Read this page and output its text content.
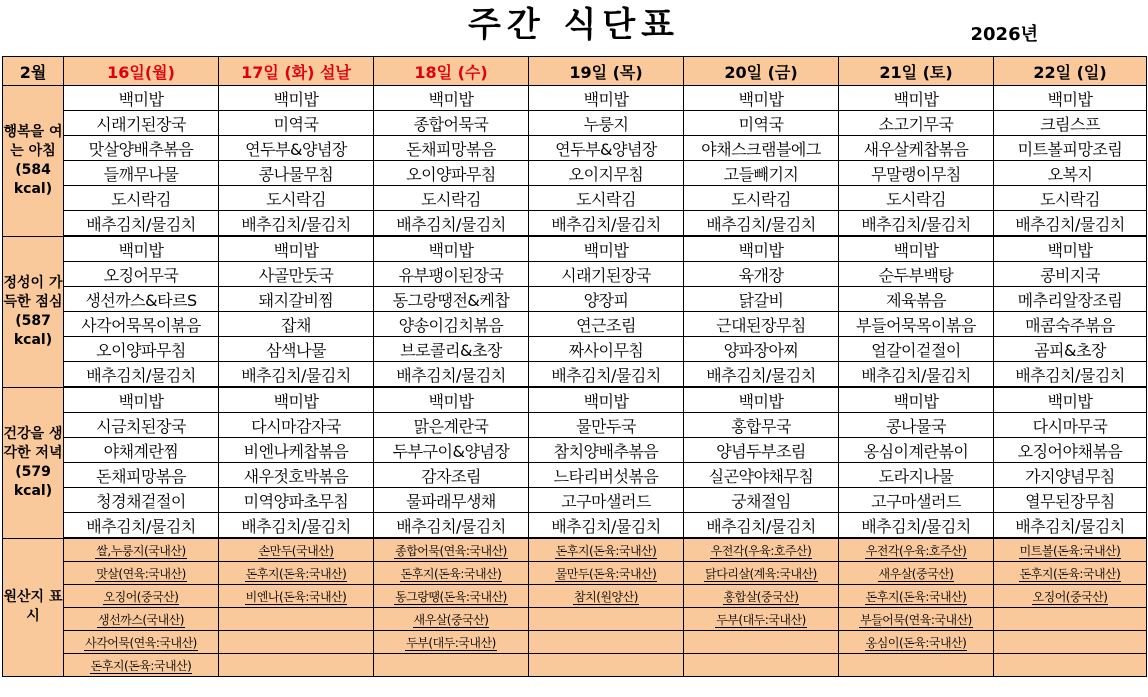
주간 식단표	2026년
2월	16일(월)	17일 (화) 설날	18일 (수)	19일 (목)	20일 (금)	21일 (토)	22일 (일)
행복을 여는 아침 (584 kcal)	백미밥	백미밥	백미밥	백미밥	백미밥	백미밥	백미밥
	시래기된장국	미역국	종합어묵국	누룽지	미역국	소고기무국	크림스프
	맛살양배추볶음	연두부&양념장	돈채피망볶음	연두부&양념장	야채스크램블에그	새우살케찹볶음	미트볼피망조림
	들깨무나물	콩나물무침	오이양파무침	오이지무침	고들빼기지	무말랭이무침	오복지
	도시락김	도시락김	도시락김	도시락김	도시락김	도시락김	도시락김
	배추김치/물김치	배추김치/물김치	배추김치/물김치	배추김치/물김치	배추김치/물김치	배추김치/물김치	배추김치/물김치
정성이 가득한 점심 (587 kcal)	백미밥	백미밥	백미밥	백미밥	백미밥	백미밥	백미밥
	오징어무국	사골만둣국	유부팽이된장국	시래기된장국	육개장	순두부백탕	콩비지국
	생선까스&타르S	돼지갈비찜	동그랑땡전&케찹	양장피	닭갈비	제육볶음	메추리알장조림
	사각어묵목이볶음	잡채	양송이김치볶음	연근조림	근대된장무침	부들어묵목이볶음	매콤숙주볶음
	오이양파무침	삼색나물	브로콜리&초장	짜사이무침	양파장아찌	얼갈이겉절이	곰피&초장
	배추김치/물김치	배추김치/물김치	배추김치/물김치	배추김치/물김치	배추김치/물김치	배추김치/물김치	배추김치/물김치
건강을 생각한 저녁 (579 kcal)	백미밥	백미밥	백미밥	백미밥	백미밥	백미밥	백미밥
	시금치된장국	다시마감자국	맑은계란국	물만두국	홍합무국	콩나물국	다시마무국
	야채계란찜	비엔나케찹볶음	두부구이&양념장	참치양배추볶음	양념두부조림	옹심이계란볶이	오징어야채볶음
	돈채피망볶음	새우젓호박볶음	감자조림	느타리버섯볶음	실곤약야채무침	도라지나물	가지양념무침
	청경채겉절이	미역양파초무침	물파래무생채	고구마샐러드	궁채절임	고구마샐러드	열무된장무침
	배추김치/물김치	배추김치/물김치	배추김치/물김치	배추김치/물김치	배추김치/물김치	배추김치/물김치	배추김치/물김치
원산지 표시	쌀,누룽지(국내산)	손만두(국내산)	종합어묵(연육:국내산)	돈후지(돈육:국내산)	우전각(우육:호주산)	우전각(우육:호주산)	미트볼(돈육:국내산)
	맛살(연육:국내산)	돈후지(돈육:국내산)	돈후지(돈육:국내산)	물만두(돈육:국내산)	닭다리살(계육:국내산)	새우살(중국산)	돈후지(돈육:국내산)
	오징어(중국산)	비엔나(돈육:국내산)	동그랑땡(돈육:국내산)	참치(원양산)	홍합살(중국산)	돈후지(돈육:국내산)	오징어(중국산)
	생선까스(국내산)		새우살(중국산)		두부(대두:국내산)	부들어묵(연육:국내산)	
	사각어묵(연육:국내산)		두부(대두:국내산)			옹심이(돈육:국내산)	
	돈후지(돈육:국내산)						
